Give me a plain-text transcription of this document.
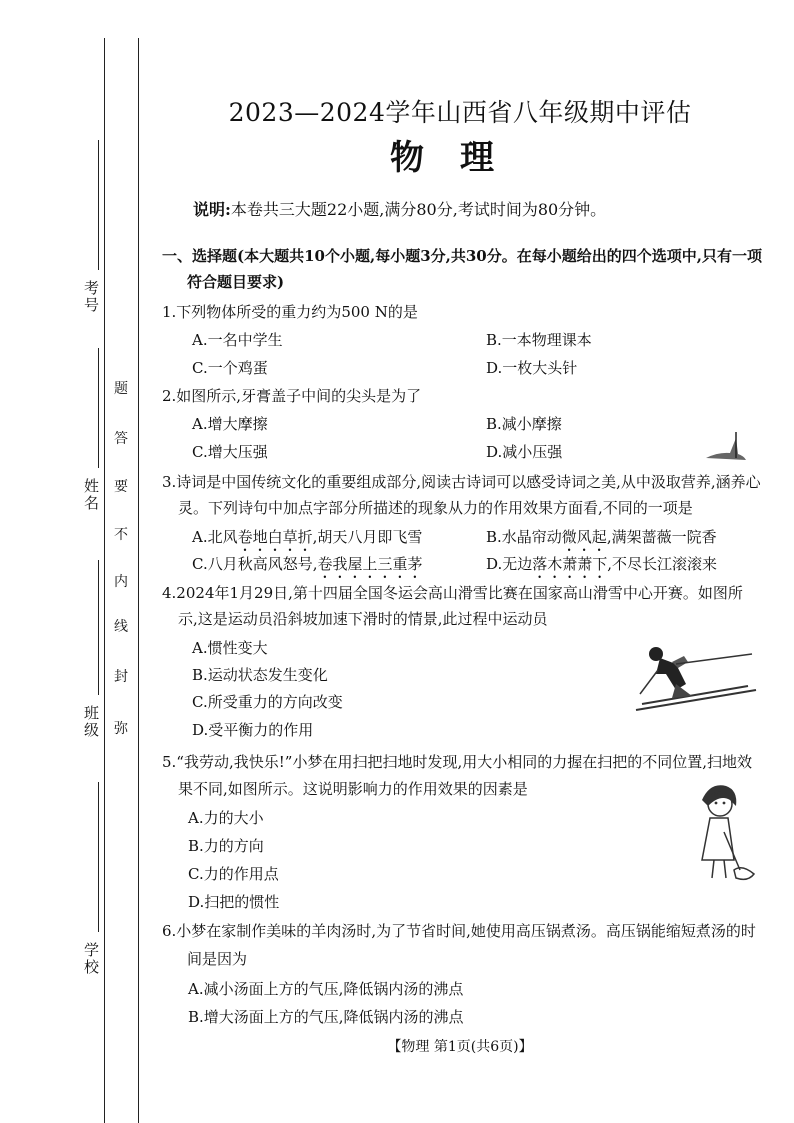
考号
姓名
班级
学校
弥
封
线
内
不
要
答
题
2023—2024学年山西省八年级期中评估
物理
说明:本卷共三大题22小题,满分80分,考试时间为80分钟。
一、选择题(本大题共10个小题,每小题3分,共30分。在每小题给出的四个选项中,只有一项
符合题目要求)
1.下列物体所受的重力约为500 N的是
A.一名中学生	B.一本物理课本
C.一个鸡蛋	D.一枚大头针
2.如图所示,牙膏盖子中间的尖头是为了
A.增大摩擦	B.减小摩擦
C.增大压强	D.减小压强
3.诗词是中国传统文化的重要组成部分,阅读古诗词可以感受诗词之美,从中汲取营养,涵养心
灵。下列诗句中加点字部分所描述的现象从力的作用效果方面看,不同的一项是
A.北风卷地白草折,胡天八月即飞雪	B.水晶帘动微风起,满架蔷薇一院香
C.八月秋高风怒号,卷我屋上三重茅	D.无边落木萧萧下,不尽长江滚滚来
4.2024年1月29日,第十四届全国冬运会高山滑雪比赛在国家高山滑雪中心开赛。如图所
示,这是运动员沿斜坡加速下滑时的情景,此过程中运动员
A.惯性变大
B.运动状态发生变化
C.所受重力的方向改变
D.受平衡力的作用
5.“我劳动,我快乐!”小梦在用扫把扫地时发现,用大小相同的力握在扫把的不同位置,扫地效
果不同,如图所示。这说明影响力的作用效果的因素是
A.力的大小
B.力的方向
C.力的作用点
D.扫把的惯性
6.小梦在家制作美味的羊肉汤时,为了节省时间,她使用高压锅煮汤。高压锅能缩短煮汤的时
间是因为
A.减小汤面上方的气压,降低锅内汤的沸点
B.增大汤面上方的气压,降低锅内汤的沸点
【物理 第1页(共6页)】
